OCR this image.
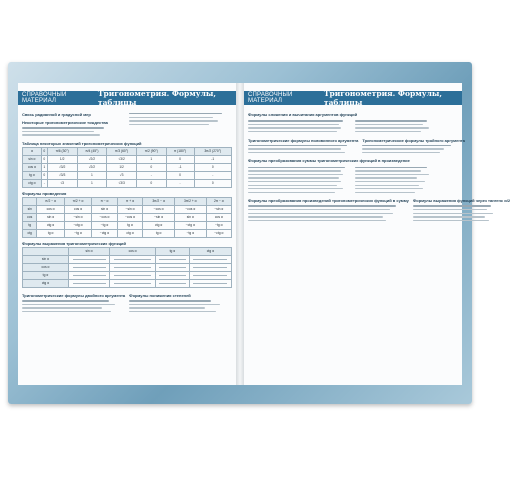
СПРАВОЧНЫЙ МАТЕРИАЛ
Тригонометрия. Формулы, таблицы
Связь радианной и градусной мер
Некоторые тригонометрические тождества
Таблица некоторых значений тригонометрических функций
α	0	π/6 (30°)	π/4 (45°)	π/3 (60°)	π/2 (90°)	π (180°)	3π/2 (270°)
sin α	0	1/2	√2/2	√3/2	1	0	-1
cos α	1	√3/2	√2/2	1/2	0	-1	0
tg α	0	√3/3	1	√3	-	0	-
ctg α	-	√3	1	√3/3	0	-	0
Формулы приведения
	π/2 − α	π/2 + α	π − α	π + α	3π/2 − α	3π/2 + α	2π − α
sin	cos α	cos α	sin α	−sin α	−cos α	−cos α	−sin α
cos	sin α	−sin α	−cos α	−cos α	−sin α	sin α	cos α
tg	ctg α	−ctg α	−tg α	tg α	ctg α	−ctg α	−tg α
ctg	tg α	−tg α	−ctg α	ctg α	tg α	−tg α	−ctg α
Формулы выражения тригонометрических функций
	sin α	cos α	tg α	ctg α
sin α	

cos α	

tg α	

ctg α	

Тригонометрические формулы двойного аргумента Формулы понижения степеней
СПРАВОЧНЫЙ МАТЕРИАЛ
Тригонометрия. Формулы, таблицы
Формулы сложения и вычитания аргументов функций
Тригонометрические формулы половинного аргумента Тригонометрические формулы тройного аргумента
Формулы преобразования суммы тригонометрических функций в произведение
Формулы преобразования произведений тригонометрических функций в сумму Формулы выражения функций через тангенс α/2
